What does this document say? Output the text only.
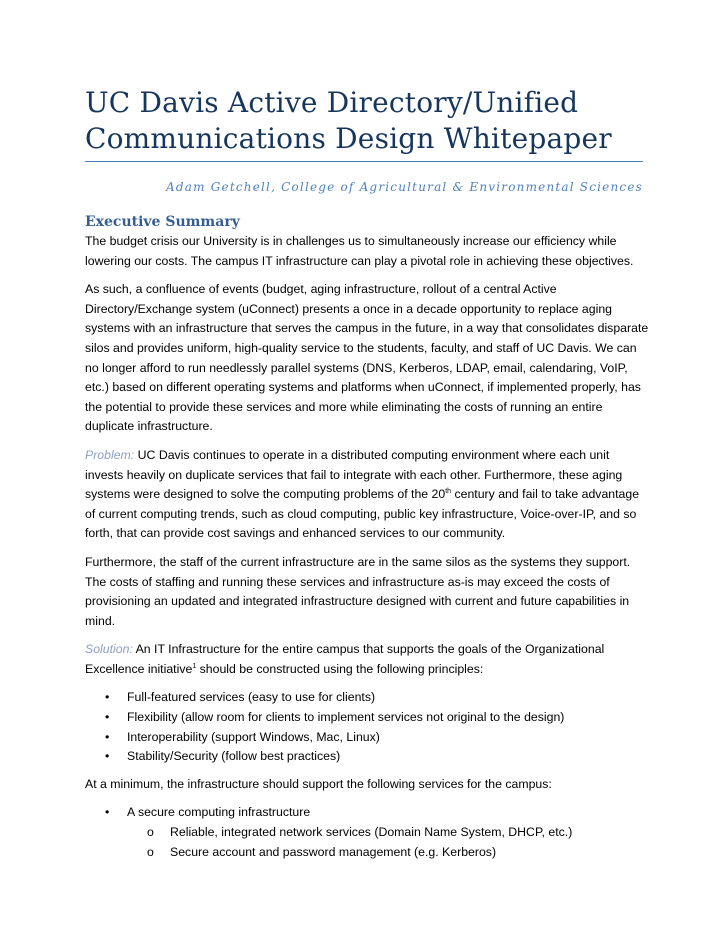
UC Davis Active Directory/Unified
Communications Design Whitepaper
Adam Getchell, College of Agricultural & Environmental Sciences
Executive Summary

The budget crisis our University is in challenges us to simultaneously increase our efficiency while lowering our costs. The campus IT infrastructure can play a pivotal role in achieving these objectives.

As such, a confluence of events (budget, aging infrastructure, rollout of a central Active Directory/Exchange system (uConnect) presents a once in a decade opportunity to replace aging systems with an infrastructure that serves the campus in the future, in a way that consolidates disparate silos and provides uniform, high-quality service to the students, faculty, and staff of UC Davis. We can no longer afford to run needlessly parallel systems (DNS, Kerberos, LDAP, email, calendaring, VoIP, etc.) based on different operating systems and platforms when uConnect, if implemented properly, has the potential to provide these services and more while eliminating the costs of running an entire duplicate infrastructure.

Problem: UC Davis continues to operate in a distributed computing environment where each unit invests heavily on duplicate services that fail to integrate with each other. Furthermore, these aging systems were designed to solve the computing problems of the 20th century and fail to take advantage of current computing trends, such as cloud computing, public key infrastructure, Voice-over-IP, and so forth, that can provide cost savings and enhanced services to our community.

Furthermore, the staff of the current infrastructure are in the same silos as the systems they support. The costs of staffing and running these services and infrastructure as-is may exceed the costs of provisioning an updated and integrated infrastructure designed with current and future capabilities in mind.

Solution: An IT Infrastructure for the entire campus that supports the goals of the Organizational Excellence initiative$^1$ should be constructed using the following principles:

• Full-featured services (easy to use for clients)
• Flexibility (allow room for clients to implement services not original to the design)
• Interoperability (support Windows, Mac, Linux)
• Stability/Security (follow best practices)

At a minimum, the infrastructure should support the following services for the campus:

• A secure computing infrastructure
o Reliable, integrated network services (Domain Name System, DHCP, etc.)
o Secure account and password management (e.g. Kerberos)
